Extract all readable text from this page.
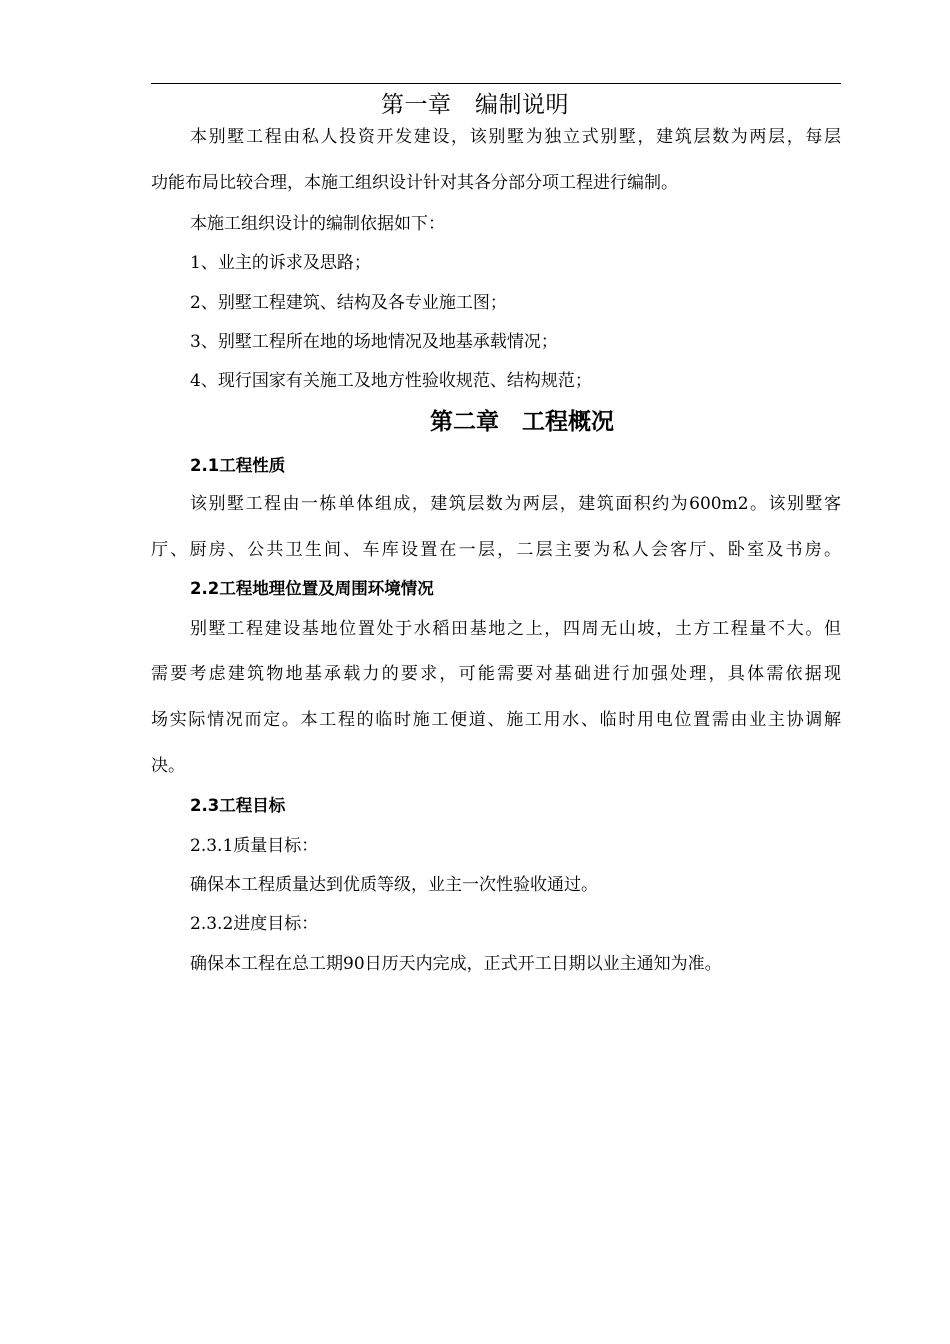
第一章　编制说明
本别墅工程由私人投资开发建设，该别墅为独立式别墅，建筑层数为两层，每层
功能布局比较合理，本施工组织设计针对其各分部分项工程进行编制。
本施工组织设计的编制依据如下：
1、业主的诉求及思路；
2、别墅工程建筑、结构及各专业施工图；
3、别墅工程所在地的场地情况及地基承载情况；
4、现行国家有关施工及地方性验收规范、结构规范；
第二章　工程概况
2.1工程性质
该别墅工程由一栋单体组成，建筑层数为两层，建筑面积约为600m2。该别墅客
厅、厨房、公共卫生间、车库设置在一层，二层主要为私人会客厅、卧室及书房。
2.2工程地理位置及周围环境情况
别墅工程建设基地位置处于水稻田基地之上，四周无山坡，土方工程量不大。但
需要考虑建筑物地基承载力的要求，可能需要对基础进行加强处理，具体需依据现
场实际情况而定。本工程的临时施工便道、施工用水、临时用电位置需由业主协调解
决。
2.3工程目标
2.3.1质量目标：
确保本工程质量达到优质等级，业主一次性验收通过。
2.3.2进度目标：
确保本工程在总工期90日历天内完成，正式开工日期以业主通知为准。
